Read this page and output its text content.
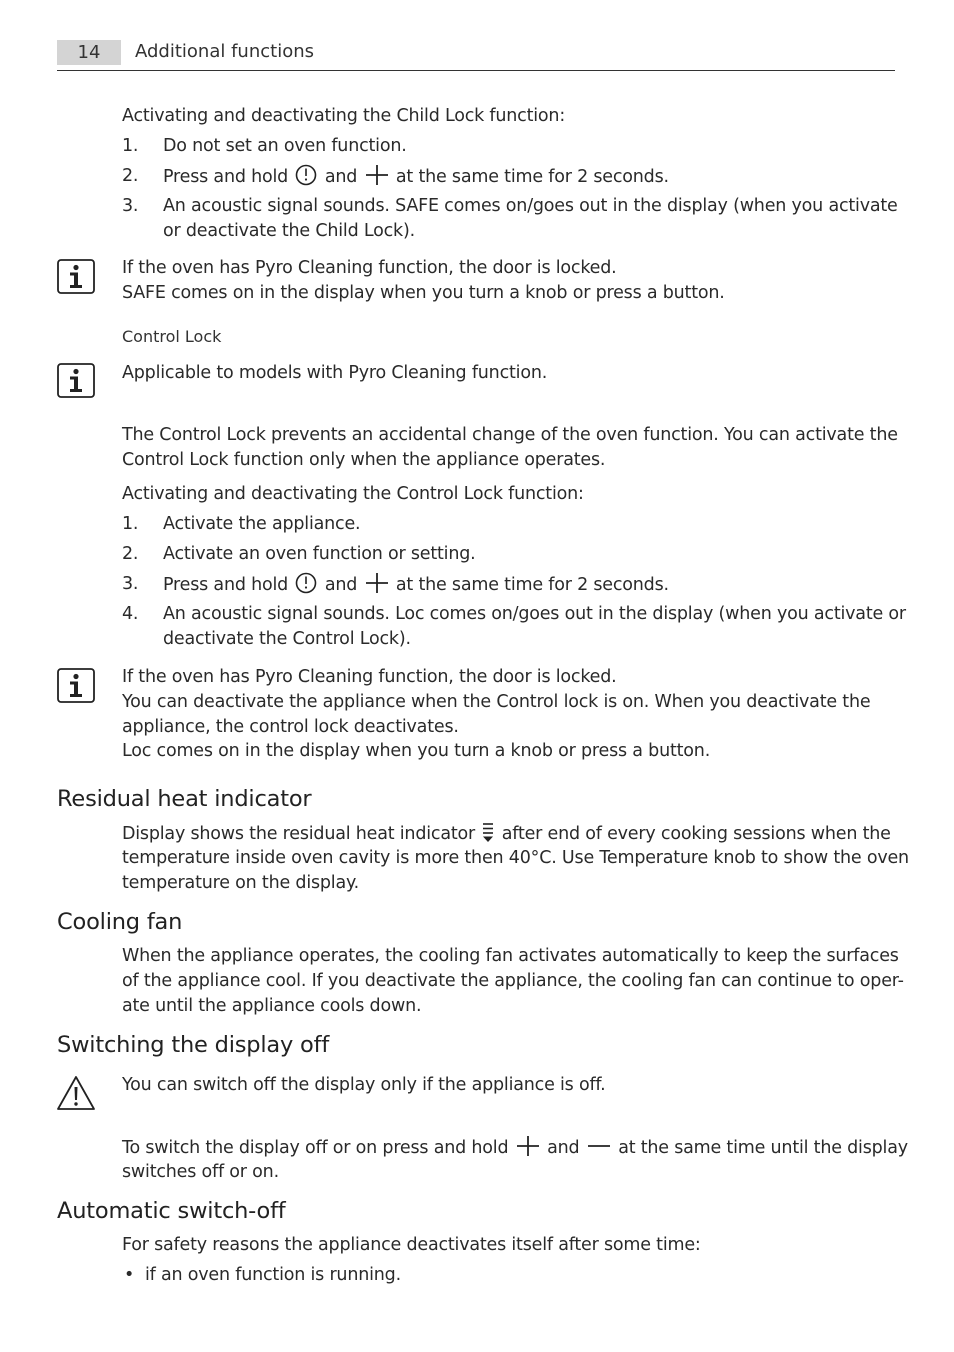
14	Additional functions
Activating and deactivating the Child Lock function:
1. Do not set an oven function.
2. Press and hold and at the same time for 2 seconds.
3. An acoustic signal sounds. SAFE comes on/goes out in the display (when you activate
or deactivate the Child Lock).
If the oven has Pyro Cleaning function, the door is locked.
SAFE comes on in the display when you turn a knob or press a button.
Control Lock
Applicable to models with Pyro Cleaning function.
The Control Lock prevents an accidental change of the oven function. You can activate the
Control Lock function only when the appliance operates.
Activating and deactivating the Control Lock function:
1. Activate the appliance.
2. Activate an oven function or setting.
3. Press and hold and at the same time for 2 seconds.
4. An acoustic signal sounds. Loc comes on/goes out in the display (when you activate or
deactivate the Control Lock).
If the oven has Pyro Cleaning function, the door is locked.
You can deactivate the appliance when the Control lock is on. When you deactivate the
appliance, the control lock deactivates.
Loc comes on in the display when you turn a knob or press a button.
Residual heat indicator
Display shows the residual heat indicator after end of every cooking sessions when the
temperature inside oven cavity is more then 40°C. Use Temperature knob to show the oven
temperature on the display.
Cooling fan
When the appliance operates, the cooling fan activates automatically to keep the surfaces
of the appliance cool. If you deactivate the appliance, the cooling fan can continue to oper-
ate until the appliance cools down.
Switching the display off
You can switch off the display only if the appliance is off.
To switch the display off or on press and hold and at the same time until the display
switches off or on.
Automatic switch-off
For safety reasons the appliance deactivates itself after some time:
• if an oven function is running.
